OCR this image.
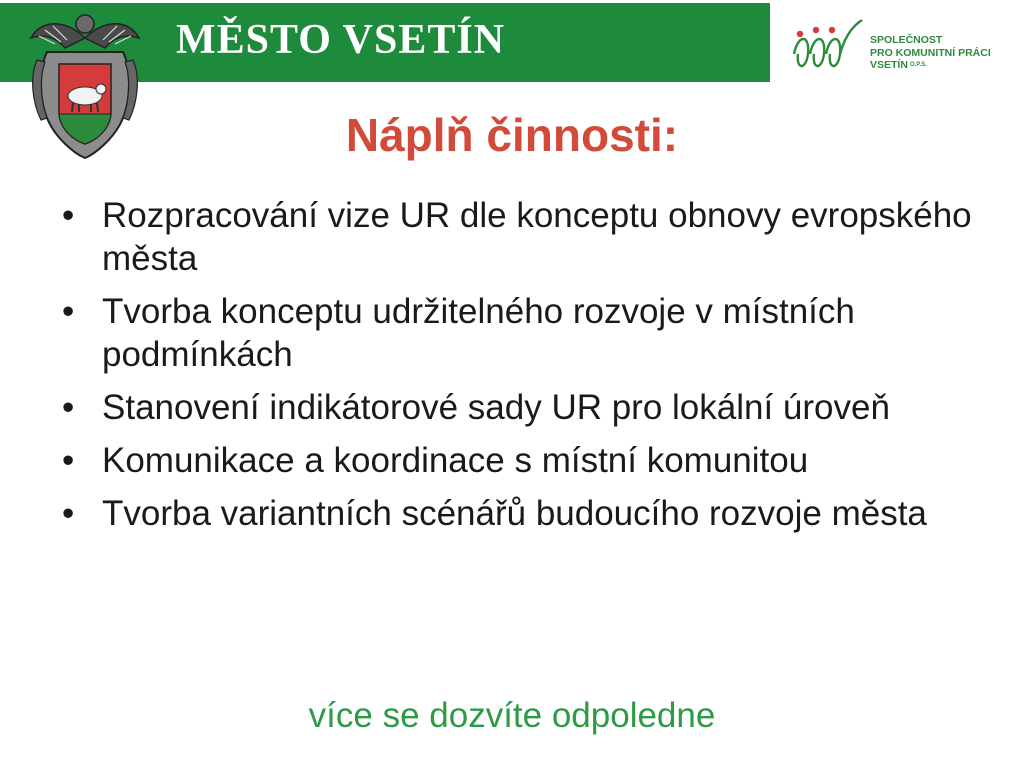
MĚSTO VSETÍN	SPOLEČNOST
PRO KOMUNITNÍ PRÁCI
VSETÍN $^{O.P.S.}$
Náplň činnosti:
• Rozpracování vize UR dle konceptu obnovy evropského města
• Tvorba konceptu udržitelného rozvoje v místních podmínkách
• Stanovení indikátorové sady UR pro lokální úroveň
• Komunikace a koordinace s místní komunitou
• Tvorba variantních scénářů budoucího rozvoje města
více se dozvíte odpoledne
